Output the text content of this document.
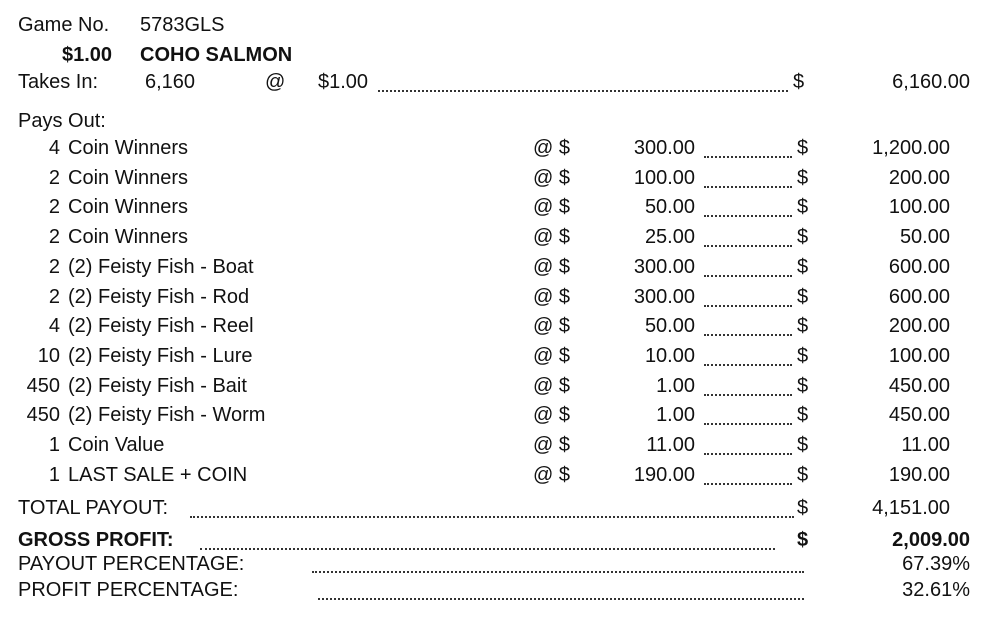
Game No. 5783GLS
$1.00 COHO SALMON
Takes In: 6,160	@ $1.00	$	6,160.00
Pays Out:
4 Coin Winners	@ $	300.00	$	1,200.00
2 Coin Winners	@ $	100.00	$	200.00
2 Coin Winners	@ $	50.00	$	100.00
2 Coin Winners	@ $	25.00	$	50.00
2 (2) Feisty Fish - Boat	@ $	300.00	$	600.00
2 (2) Feisty Fish - Rod	@ $	300.00	$	600.00
4 (2) Feisty Fish - Reel	@ $	50.00	$	200.00
10 (2) Feisty Fish - Lure	@ $	10.00	$	100.00
450 (2) Feisty Fish - Bait	@ $	1.00	$	450.00
450 (2) Feisty Fish - Worm	@ $	1.00	$	450.00
1 Coin Value	@ $	11.00	$	11.00
1 LAST SALE + COIN	@ $	190.00	$	190.00
TOTAL PAYOUT:	$	4,151.00
GROSS PROFIT:	$	2,009.00
PAYOUT PERCENTAGE:	67.39%
PROFIT PERCENTAGE:	32.61%
